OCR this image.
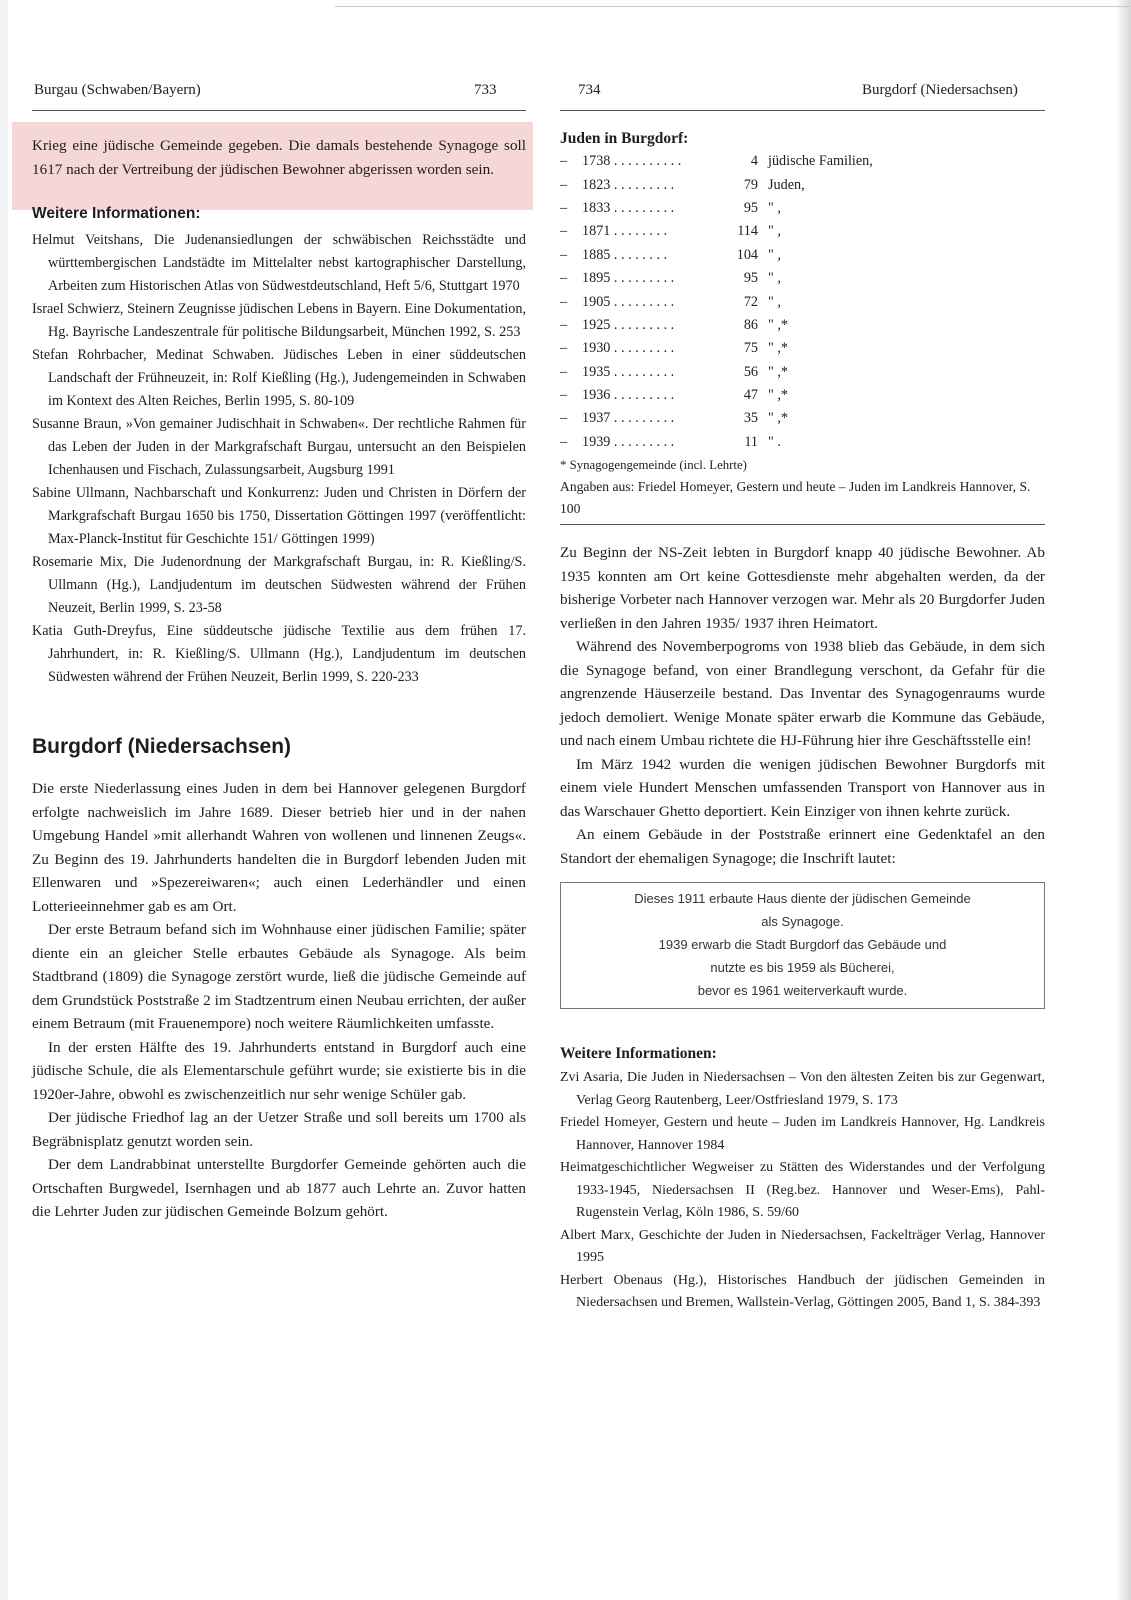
Burgau (Schwaben/Bayern)	733	734	Burgdorf (Niedersachsen)

Krieg eine jüdische Gemeinde gegeben. Die damals bestehende Synagoge soll 1617 nach der Vertreibung der jüdischen Bewohner abgerissen worden sein.

Weitere Informationen:
Helmut Veitshans, Die Judenansiedlungen der schwäbischen Reichsstädte und württembergischen Landstädte im Mittelalter nebst kartographischer Darstellung, Arbeiten zum Historischen Atlas von Südwestdeutschland, Heft 5/6, Stuttgart 1970
Israel Schwierz, Steinern Zeugnisse jüdischen Lebens in Bayern. Eine Dokumentation, Hg. Bayrische Landeszentrale für politische Bildungsarbeit, München 1992, S. 253
Stefan Rohrbacher, Medinat Schwaben. Jüdisches Leben in einer süddeutschen Landschaft der Frühneuzeit, in: Rolf Kießling (Hg.), Judengemeinden in Schwaben im Kontext des Alten Reiches, Berlin 1995, S. 80-109
Susanne Braun, »Von gemainer Judischhait in Schwaben«. Der rechtliche Rahmen für das Leben der Juden in der Markgrafschaft Burgau, untersucht an den Beispielen Ichenhausen und Fischach, Zulassungsarbeit, Augsburg 1991
Sabine Ullmann, Nachbarschaft und Konkurrenz: Juden und Christen in Dörfern der Markgrafschaft Burgau 1650 bis 1750, Dissertation Göttingen 1997 (veröffentlicht: Max-Planck-Institut für Geschichte 151/ Göttingen 1999)
Rosemarie Mix, Die Judenordnung der Markgrafschaft Burgau, in: R. Kießling/S. Ullmann (Hg.), Landjudentum im deutschen Südwesten während der Frühen Neuzeit, Berlin 1999, S. 23-58
Katia Guth-Dreyfus, Eine süddeutsche jüdische Textilie aus dem frühen 17. Jahrhundert, in: R. Kießling/S. Ullmann (Hg.), Landjudentum im deutschen Südwesten während der Frühen Neuzeit, Berlin 1999, S. 220-233
Burgdorf (Niedersachsen)

Die erste Niederlassung eines Juden in dem bei Hannover gelegenen Burgdorf erfolgte nachweislich im Jahre 1689. Dieser betrieb hier und in der nahen Umgebung Handel »mit allerhandt Wahren von wollenen und linnenen Zeugs«. Zu Beginn des 19. Jahrhunderts handelten die in Burgdorf lebenden Juden mit Ellenwaren und »Spezereiwaren«; auch einen Lederhändler und einen Lotterieeinnehmer gab es am Ort.

Der erste Betraum befand sich im Wohnhause einer jüdischen Familie; später diente ein an gleicher Stelle erbautes Gebäude als Synagoge. Als beim Stadtbrand (1809) die Synagoge zerstört wurde, ließ die jüdische Gemeinde auf dem Grundstück Poststraße 2 im Stadtzentrum einen Neubau errichten, der außer einem Betraum (mit Frauenempore) noch weitere Räumlichkeiten umfasste.

In der ersten Hälfte des 19. Jahrhunderts entstand in Burgdorf auch eine jüdische Schule, die als Elementarschule geführt wurde; sie existierte bis in die 1920er-Jahre, obwohl es zwischenzeitlich nur sehr wenige Schüler gab.

Der jüdische Friedhof lag an der Uetzer Straße und soll bereits um 1700 als Begräbnisplatz genutzt worden sein.

Der dem Landrabbinat unterstellte Burgdorfer Gemeinde gehörten auch die Ortschaften Burgwedel, Isernhagen und ab 1877 auch Lehrte an. Zuvor hatten die Lehrter Juden zur jüdischen Gemeinde Bolzum gehört.

Juden in Burgdorf:
–	1738 . . . . . . . . . .	4	jüdische Familien,
–	1823 . . . . . . . . .	79	Juden,
–	1833 . . . . . . . . .	95	" ,
–	1871 . . . . . . . .	114	" ,
–	1885 . . . . . . . .	104	" ,
–	1895 . . . . . . . . .	95	" ,
–	1905 . . . . . . . . .	72	" ,
–	1925 . . . . . . . . .	86	" ,*
–	1930 . . . . . . . . .	75	" ,*
–	1935 . . . . . . . . .	56	" ,*
–	1936 . . . . . . . . .	47	" ,*
–	1937 . . . . . . . . .	35	" ,*
–	1939 . . . . . . . . .	11	" .
* Synagogengemeinde (incl. Lehrte)
Angaben aus: Friedel Homeyer, Gestern und heute – Juden im Landkreis Hannover, S. 100

Zu Beginn der NS-Zeit lebten in Burgdorf knapp 40 jüdische Bewohner. Ab 1935 konnten am Ort keine Gottesdienste mehr abgehalten werden, da der bisherige Vorbeter nach Hannover verzogen war. Mehr als 20 Burgdorfer Juden verließen in den Jahren 1935/ 1937 ihren Heimatort.

Während des Novemberpogroms von 1938 blieb das Gebäude, in dem sich die Synagoge befand, von einer Brandlegung verschont, da Gefahr für die angrenzende Häuserzeile bestand. Das Inventar des Synagogenraums wurde jedoch demoliert. Wenige Monate später erwarb die Kommune das Gebäude, und nach einem Umbau richtete die HJ-Führung hier ihre Geschäftsstelle ein!

Im März 1942 wurden die wenigen jüdischen Bewohner Burgdorfs mit einem viele Hundert Menschen umfassenden Transport von Hannover aus in das Warschauer Ghetto deportiert. Kein Einziger von ihnen kehrte zurück.

An einem Gebäude in der Poststraße erinnert eine Gedenktafel an den Standort der ehemaligen Synagoge; die Inschrift lautet:

Dieses 1911 erbaute Haus diente der jüdischen Gemeinde
als Synagoge.
1939 erwarb die Stadt Burgdorf das Gebäude und
nutzte es bis 1959 als Bücherei,
bevor es 1961 weiterverkauft wurde.
Weitere Informationen:
Zvi Asaria, Die Juden in Niedersachsen – Von den ältesten Zeiten bis zur Gegenwart, Verlag Georg Rautenberg, Leer/Ostfriesland 1979, S. 173
Friedel Homeyer, Gestern und heute – Juden im Landkreis Hannover, Hg. Landkreis Hannover, Hannover 1984
Heimatgeschichtlicher Wegweiser zu Stätten des Widerstandes und der Verfolgung 1933-1945, Niedersachsen II (Reg.bez. Hannover und Weser-Ems), Pahl-Rugenstein Verlag, Köln 1986, S. 59/60
Albert Marx, Geschichte der Juden in Niedersachsen, Fackelträger Verlag, Hannover 1995
Herbert Obenaus (Hg.), Historisches Handbuch der jüdischen Gemeinden in Niedersachsen und Bremen, Wallstein-Verlag, Göttingen 2005, Band 1, S. 384-393
